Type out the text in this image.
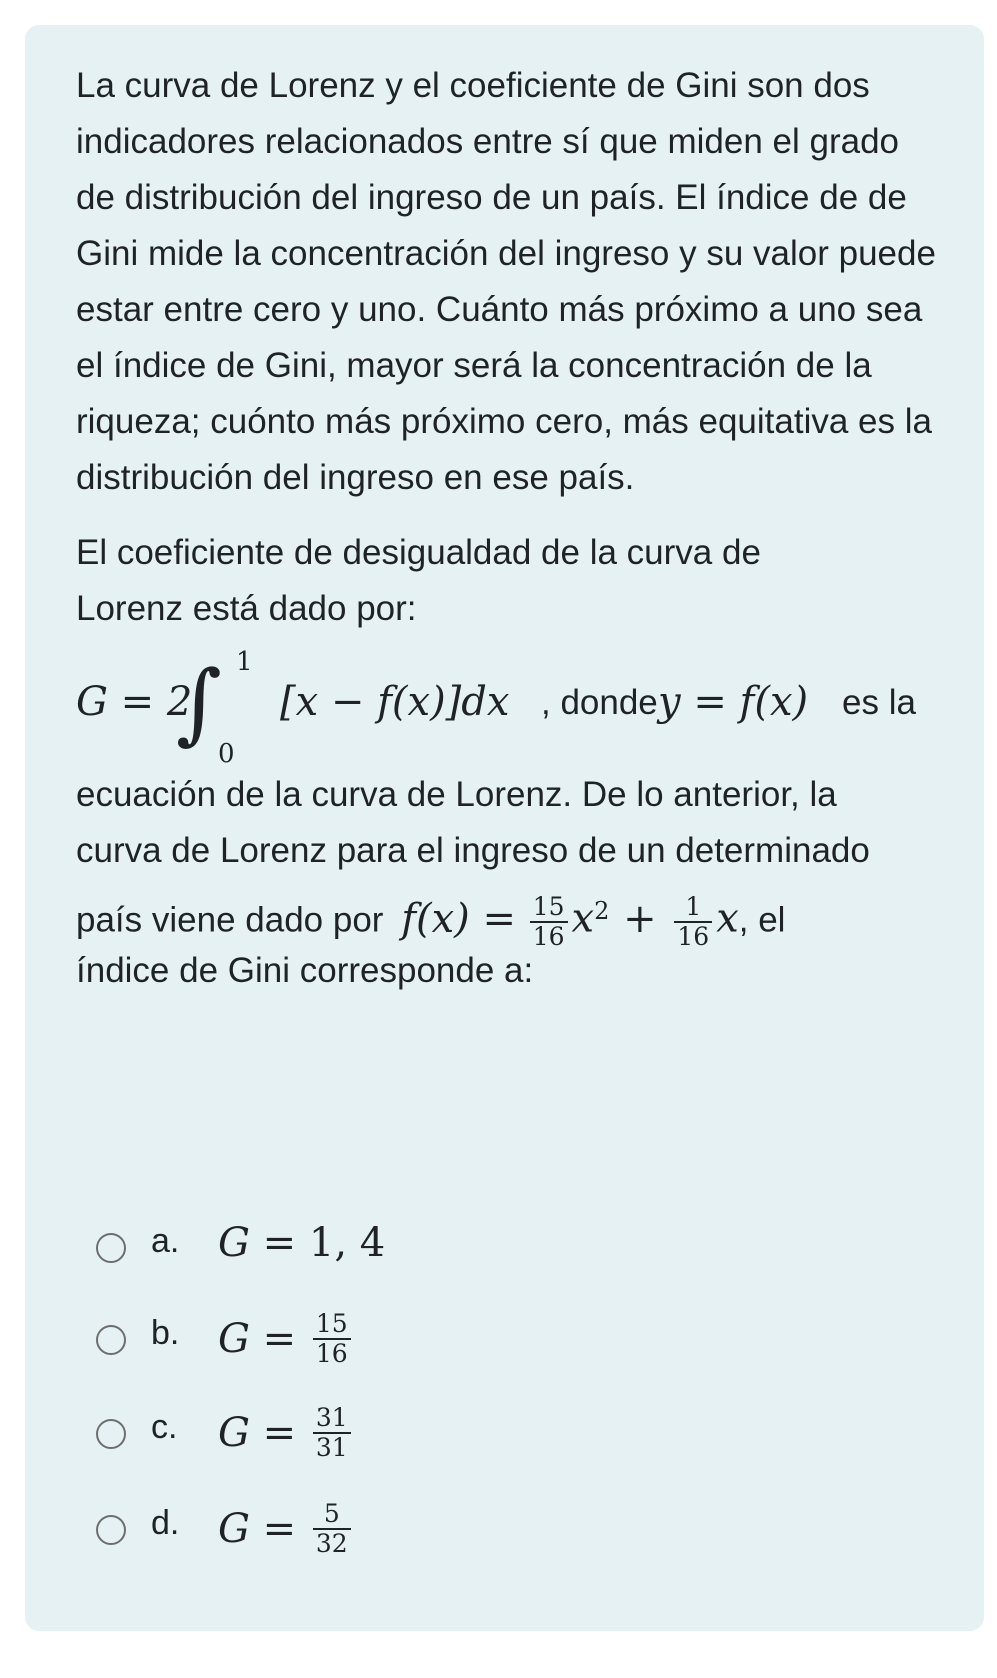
La curva de Lorenz y el coeficiente de Gini son dos indicadores relacionados entre sí que miden el grado de distribución del ingreso de un país. El índice de de Gini mide la concentración del ingreso y su valor puede estar entre cero y uno. Cuánto más próximo a uno sea el índice de Gini, mayor será la concentración de la riqueza; cuónto más próximo cero, más equitativa es la distribución del ingreso en ese país.

El coeficiente de desigualdad de la curva de Lorenz está dado por:

G = 2
∫ 1
0
[x − f(x)]dx , donde y = f(x) es la

ecuación de la curva de Lorenz. De lo anterior, la

curva de Lorenz para el ingreso de un determinado

país viene dado por $f(x) = \frac{15}{16} x^2 + \frac{1}{16} x$, el

índice de Gini corresponde a:

a. G = 1, 4
b. $G = \frac{15}{16}$
c. $G = \frac{31}{31}$
d. $G = \frac{5}{32}$
